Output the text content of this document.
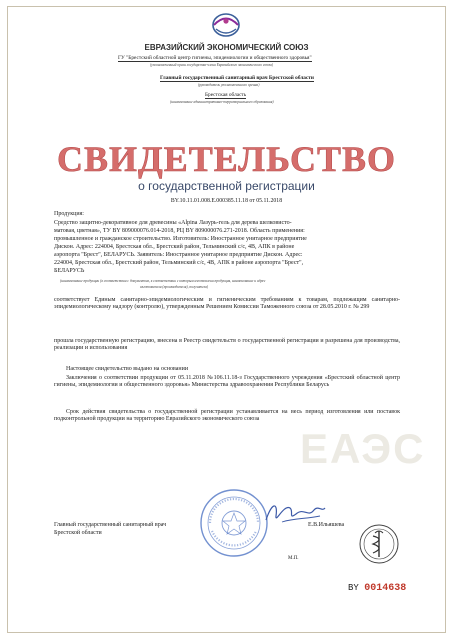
ЕАЭС
ЕВРАЗИЙСКИЙ ЭКОНОМИЧЕСКИЙ СОЮЗ
ГУ "Брестский областной центр гигиены, эпидемиологии и общественного здоровья"
(уполномоченный орган государства-члена Евразийского экономического союза)
Главный государственный санитарный врач Брестской области
(руководитель уполномоченного органа)
Брестская область
(наименование административно-территориального образования)
СВИДЕТЕЛЬСТВО
о государственной регистрации
BY.10.11.01.008.E.000385.11.18 от 05.11.2018
Продукция:
Средство защитно-декоративное для древесины «Alpina Лазурь-гель для дерева шелковисто-
матовая, цветная», ТУ BY 809000076.014-2018, РЦ BY 809000076.271-2018. Область применения:
промышленное и гражданское строительство. Изготовитель: Иностранное унитарное предприятие
Дискон. Адрес: 224004, Брестская обл., Брестский район, Тельминский с/с, 4В, АПК в районе
аэропорта "Брест", БЕЛАРУСЬ. Заявитель: Иностранное унитарное предприятие Дискон. Адрес:
224004, Брестская обл., Брестский район, Тельминский с/с, 4В, АПК в районе аэропорта "Брест",
БЕЛАРУСЬ
(наименование продукции (в соответствии с документом, в соответствии с которым изготовлена продукция, наименование и адрес
изготовителя (производителя), получателя)
соответствует Единым санитарно-эпидемиологическим и гигиеническим требованиям к товарам, подлежащим санитарно-эпидемиологическому надзору (контролю), утвержденным Решением Комиссии Таможенного союза от 28.05.2010 г. № 299
прошла государственную регистрацию, внесена в Реестр свидетельств о государственной регистрации и разрешена для производства, реализации и использования
Настоящее свидетельство выдано на основании
Заключения о соответствии продукции от 05.11.2018 №106.11.18-з Государственного учреждения «Брестский областной центр гигиены, эпидемиологии и общественного здоровья» Министерства здравоохранения Республики Беларусь
Срок действия свидетельства о государственной регистрации устанавливается на весь период изготовления или поставок подконтрольной продукции на территорию Евразийского экономического союза
Главный государственный санитарный врач
Брестской области
Е.В.Ильяшева
М.П.
BY 0014638
